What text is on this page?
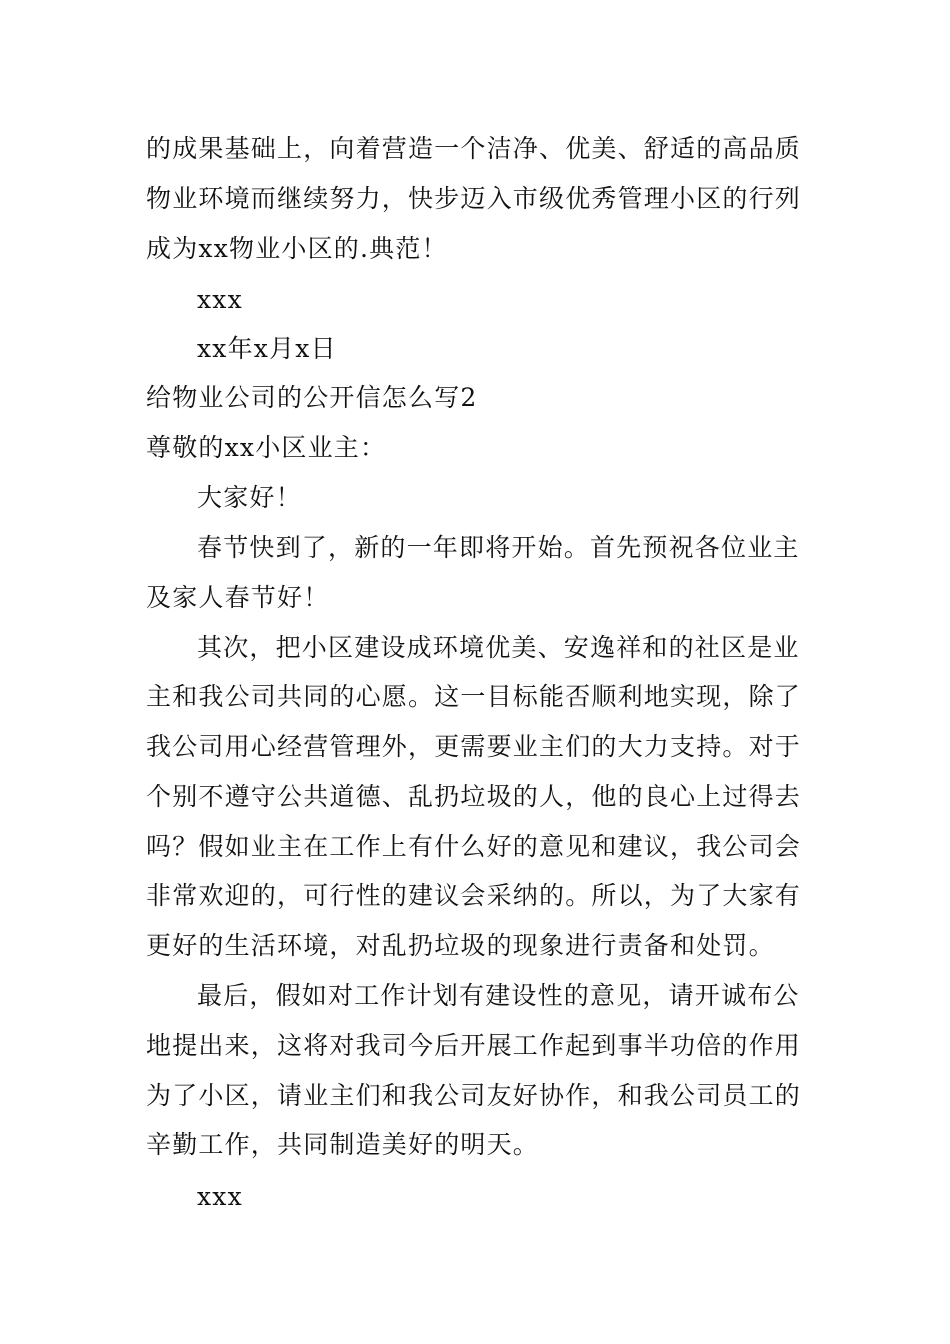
的成果基础上，向着营造一个洁净、优美、舒适的高品质
物业环境而继续努力，快步迈入市级优秀管理小区的行列
成为xx物业小区的.典范！
xxx
xx年x月x日
给物业公司的公开信怎么写2
尊敬的xx小区业主：
大家好！
春节快到了，新的一年即将开始。首先预祝各位业主
及家人春节好！
其次，把小区建设成环境优美、安逸祥和的社区是业
主和我公司共同的心愿。这一目标能否顺利地实现，除了
我公司用心经营管理外，更需要业主们的大力支持。对于
个别不遵守公共道德、乱扔垃圾的人，他的良心上过得去
吗？假如业主在工作上有什么好的意见和建议，我公司会
非常欢迎的，可行性的建议会采纳的。所以，为了大家有
更好的生活环境，对乱扔垃圾的现象进行责备和处罚。
最后，假如对工作计划有建设性的意见，请开诚布公
地提出来，这将对我司今后开展工作起到事半功倍的作用
为了小区，请业主们和我公司友好协作，和我公司员工的
辛勤工作，共同制造美好的明天。
xxx
